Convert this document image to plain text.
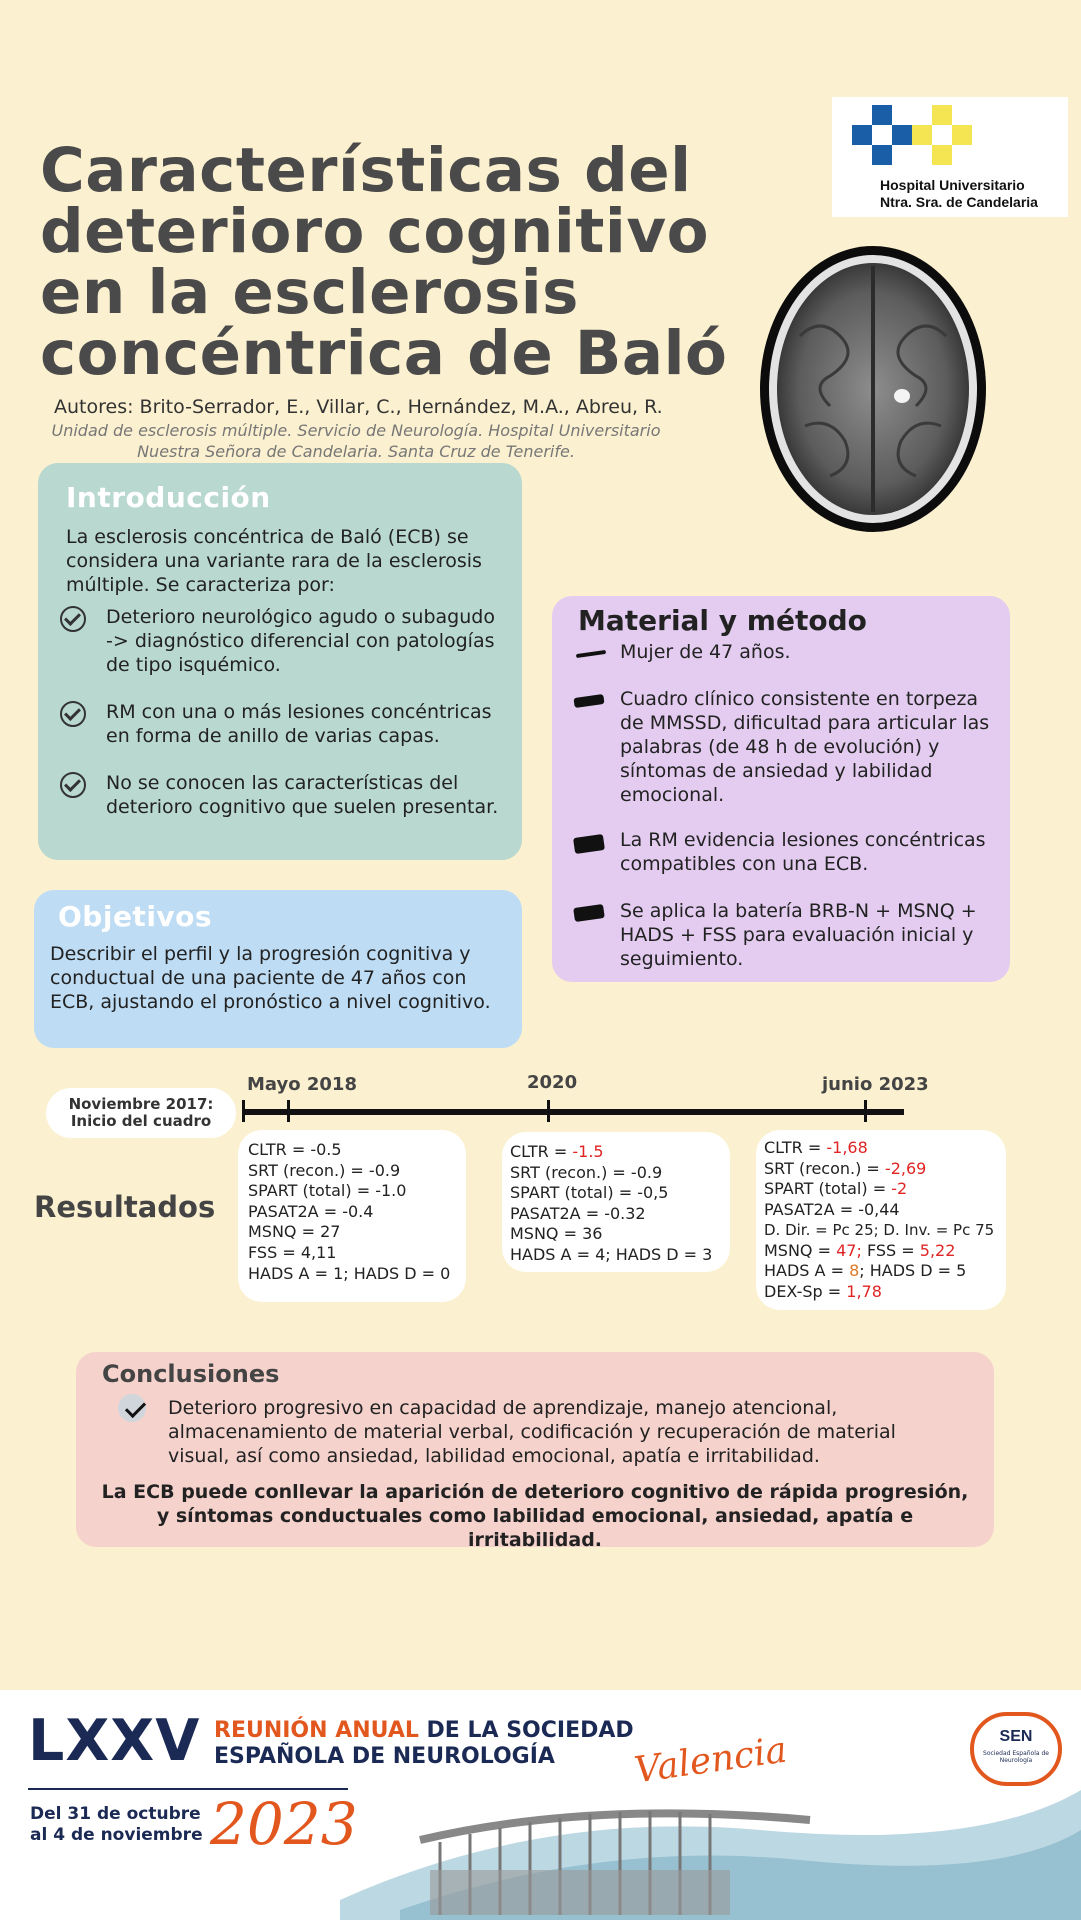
Características del deterioro cognitivo en la esclerosis concéntrica de Baló
Autores: Brito-Serrador, E., Villar, C., Hernández, M.A., Abreu, R.
Unidad de esclerosis múltiple. Servicio de Neurología. Hospital Universitario Nuestra Señora de Candelaria. Santa Cruz de Tenerife.
Hospital Universitario
Ntra. Sra. de Candelaria
Introducción
La esclerosis concéntrica de Baló (ECB) se considera una variante rara de la esclerosis múltiple. Se caracteriza por:
Deterioro neurológico agudo o subagudo -> diagnóstico diferencial con patologías de tipo isquémico.
RM con una o más lesiones concéntricas en forma de anillo de varias capas.
No se conocen las características del deterioro cognitivo que suelen presentar.
Objetivos
Describir el perfil y la progresión cognitiva y conductual de una paciente de 47 años con ECB, ajustando el pronóstico a nivel cognitivo.
Material y método
Mujer de 47 años.
Cuadro clínico consistente en torpeza de MMSSD, dificultad para articular las palabras (de 48 h de evolución) y síntomas de ansiedad y labilidad emocional.
La RM evidencia lesiones concéntricas compatibles con una ECB.
Se aplica la batería BRB-N + MSNQ + HADS + FSS para evaluación inicial y seguimiento.
Noviembre 2017:
Inicio del cuadro
Mayo 2018	2020	junio 2023
Resultados
CLTR = -0.5
SRT (recon.) = -0.9
SPART (total) = -1.0
PASAT2A = -0.4
MSNQ = 27
FSS = 4,11
HADS A = 1; HADS D = 0
CLTR = -1.5
SRT (recon.) = -0.9
SPART (total) = -0,5
PASAT2A = -0.32
MSNQ = 36
HADS A = 4; HADS D = 3
CLTR = -1,68
SRT (recon.) = -2,69
SPART (total) = -2
PASAT2A = -0,44
D. Dir. = Pc 25; D. Inv. = Pc 75
MSNQ = 47; FSS = 5,22
HADS A = 8; HADS D = 5
DEX-Sp = 1,78
Conclusiones
Deterioro progresivo en capacidad de aprendizaje, manejo atencional, almacenamiento de material verbal, codificación y recuperación de material visual, así como ansiedad, labilidad emocional, apatía e irritabilidad.
La ECB puede conllevar la aparición de deterioro cognitivo de rápida progresión, y síntomas conductuales como labilidad emocional, ansiedad, apatía e irritabilidad.
LXXV REUNIÓN ANUAL DE LA SOCIEDAD
ESPAÑOLA DE NEUROLOGÍA
Del 31 de octubre
al 4 de noviembre 2023
Valencia	SEN
Sociedad Española de Neurología
